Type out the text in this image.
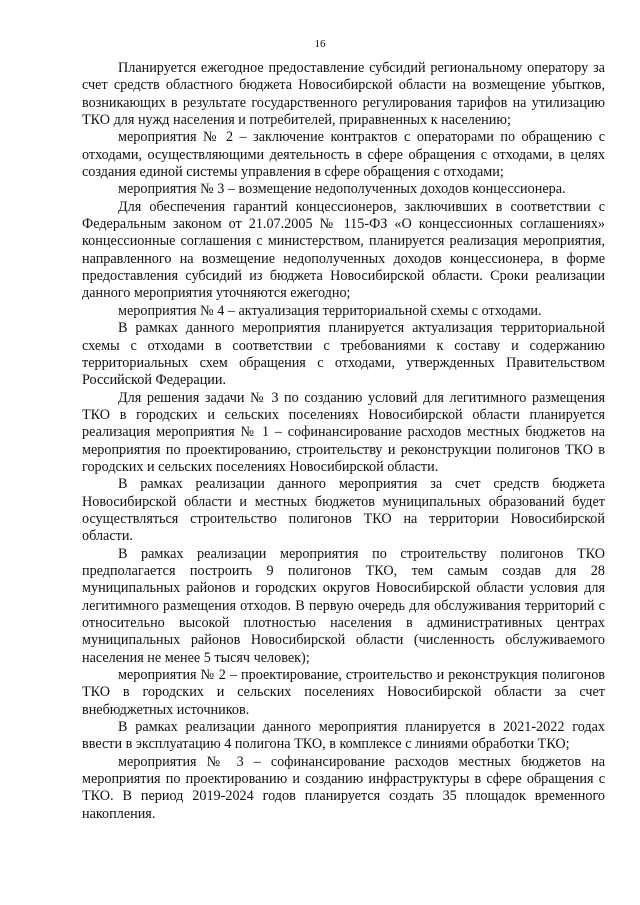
16

Планируется ежегодное предоставление субсидий региональному оператору за счет средств областного бюджета Новосибирской области на возмещение убытков, возникающих в результате государственного регулирования тарифов на утилизацию ТКО для нужд населения и потребителей, приравненных к населению;

мероприятия № 2 – заключение контрактов с операторами по обращению с отходами, осуществляющими деятельность в сфере обращения с отходами, в целях создания единой системы управления в сфере обращения с отходами;

мероприятия № 3 – возмещение недополученных доходов концессионера.

Для обеспечения гарантий концессионеров, заключивших в соответствии с Федеральным законом от 21.07.2005 № 115-ФЗ «О концессионных соглашениях» концессионные соглашения с министерством, планируется реализация мероприятия, направленного на возмещение недополученных доходов концессионера, в форме предоставления субсидий из бюджета Новосибирской области. Сроки реализации данного мероприятия уточняются ежегодно;

мероприятия № 4 – актуализация территориальной схемы с отходами.

В рамках данного мероприятия планируется актуализация территориальной схемы с отходами в соответствии с требованиями к составу и содержанию территориальных схем обращения с отходами, утвержденных Правительством Российской Федерации.

Для решения задачи № 3 по созданию условий для легитимного размещения ТКО в городских и сельских поселениях Новосибирской области планируется реализация мероприятия № 1 – софинансирование расходов местных бюджетов на мероприятия по проектированию, строительству и реконструкции полигонов ТКО в городских и сельских поселениях Новосибирской области.

В рамках реализации данного мероприятия за счет средств бюджета Новосибирской области и местных бюджетов муниципальных образований будет осуществляться строительство полигонов ТКО на территории Новосибирской области.

В рамках реализации мероприятия по строительству полигонов ТКО предполагается построить 9 полигонов ТКО, тем самым создав для 28 муниципальных районов и городских округов Новосибирской области условия для легитимного размещения отходов. В первую очередь для обслуживания территорий с относительно высокой плотностью населения в административных центрах муниципальных районов Новосибирской области (численность обслуживаемого населения не менее 5 тысяч человек);

мероприятия № 2 – проектирование, строительство и реконструкция полигонов ТКО в городских и сельских поселениях Новосибирской области за счет внебюджетных источников.

В рамках реализации данного мероприятия планируется в 2021-2022 годах ввести в эксплуатацию 4 полигона ТКО, в комплексе с линиями обработки ТКО;

мероприятия № 3 – софинансирование расходов местных бюджетов на мероприятия по проектированию и созданию инфраструктуры в сфере обращения с ТКО. В период 2019-2024 годов планируется создать 35 площадок временного накопления.
